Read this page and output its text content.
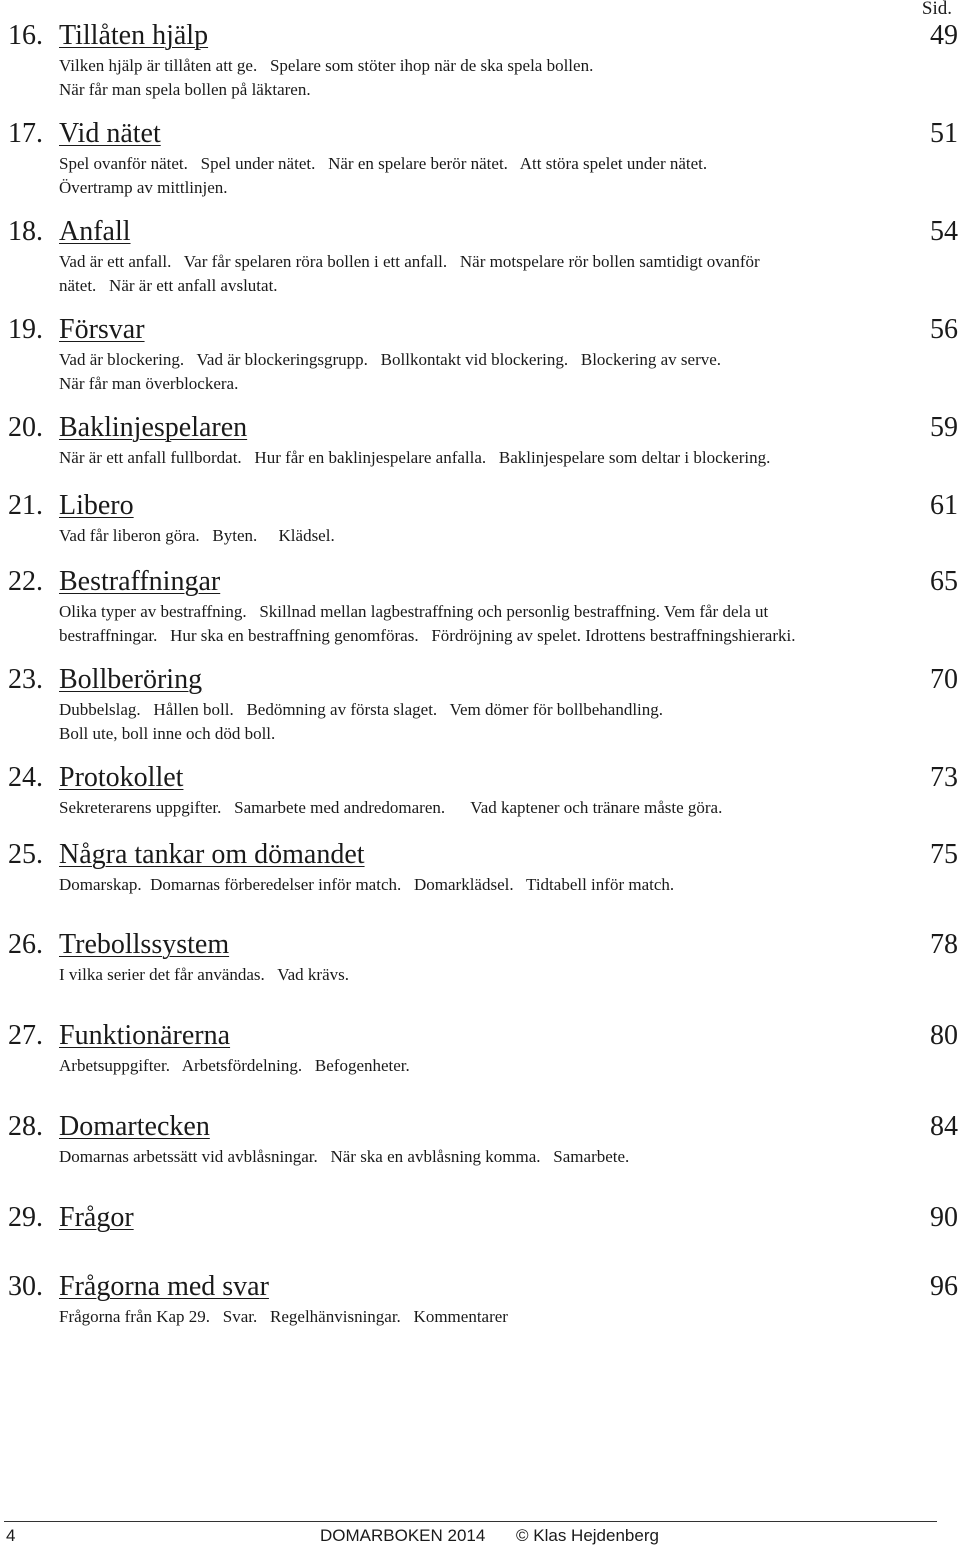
Sid.
16. Tillåten hjälp	49
Vilken hjälp är tillåten att ge.   Spelare som stöter ihop när de ska spela bollen.
När får man spela bollen på läktaren.
17. Vid nätet	51
Spel ovanför nätet.   Spel under nätet.   När en spelare berör nätet.   Att störa spelet under nätet.
Övertramp av mittlinjen.
18. Anfall	54
Vad är ett anfall.   Var får spelaren röra bollen i ett anfall.   När motspelare rör bollen samtidigt ovanför
nätet.   När är ett anfall avslutat.
19. Försvar	56
Vad är blockering.   Vad är blockeringsgrupp.   Bollkontakt vid blockering.   Blockering av serve.
När får man överblockera.
20. Baklinjespelaren	59
När är ett anfall fullbordat.   Hur får en baklinjespelare anfalla.   Baklinjespelare som deltar i blockering.
21. Libero	61
Vad får liberon göra.   Byten.     Klädsel.
22. Bestraffningar	65
Olika typer av bestraffning.   Skillnad mellan lagbestraffning och personlig bestraffning. Vem får dela ut
bestraffningar.   Hur ska en bestraffning genomföras.   Fördröjning av spelet. Idrottens bestraffningshierarki.
23. Bollberöring	70
Dubbelslag.   Hållen boll.   Bedömning av första slaget.   Vem dömer för bollbehandling.
Boll ute, boll inne och död boll.
24. Protokollet	73
Sekreterarens uppgifter.   Samarbete med andredomaren.      Vad kaptener och tränare måste göra.
25. Några tankar om dömandet	75
Domarskap.  Domarnas förberedelser inför match.   Domarklädsel.   Tidtabell inför match.
26. Trebollssystem	78
I vilka serier det får användas.   Vad krävs.
27. Funktionärerna	80
Arbetsuppgifter.   Arbetsfördelning.   Befogenheter.
28. Domartecken	84
Domarnas arbetssätt vid avblåsningar.   När ska en avblåsning komma.   Samarbete.
29. Frågor	90
30. Frågorna med svar	96
Frågorna från Kap 29.   Svar.   Regelhänvisningar.   Kommentarer
4	DOMARBOKEN 2014 © Klas Hejdenberg
